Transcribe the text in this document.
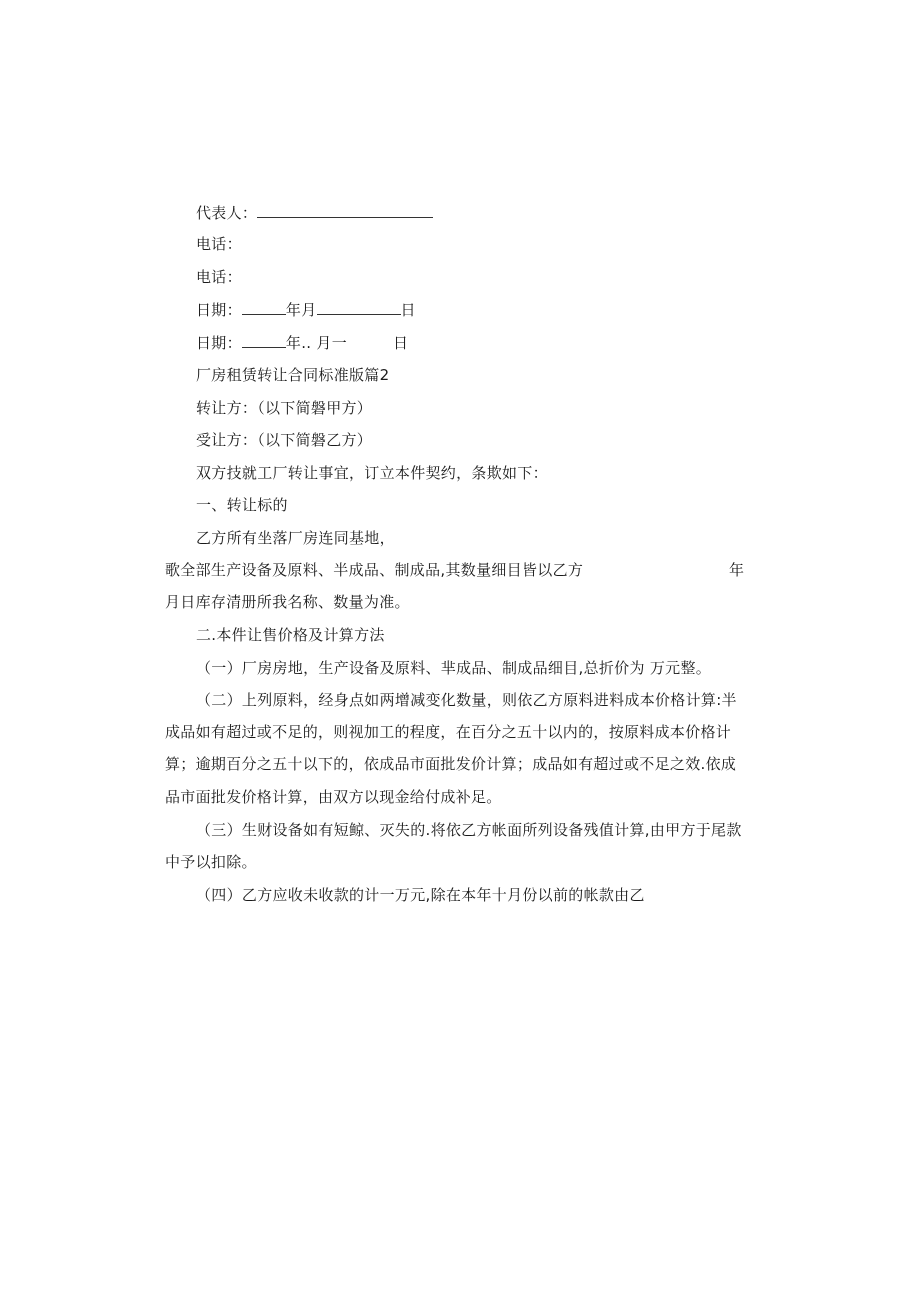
代表人：
电话：
电话：
日期：	年月	日
日期：	年.. 月一	日
厂房租赁转让合同标准版篇2
转让方：（以下简磐甲方）
受让方：（以下简磐乙方）
双方技就工厂转让事宜，订立本件契约，条欺如下：
一、转让标的
乙方所有坐落厂房连同基地，
歌全部生产设备及原料、半成品、制成品,其数量细目皆以乙方	年
月日库存清册所我名称、数量为准。
二.本件让售价格及计算方法
（一）厂房房地，生产设备及原料、芈成品、制成品细目,总折价为 万元整。
（二）上列原料，经身点如两增减变化数量，则依乙方原料进料成本价格计算:半
成品如有超过或不足的，则视加工的程度，在百分之五十以内的，按原料成本价格计
算；逾期百分之五十以下的，依成品市面批发价计算；成品如有超过或不足之效.依成
品市面批发价格计算，由双方以现金给付成补足。
（三）生财设备如有短鲸、灭失的.将依乙方帐面所列设备残值计算,由甲方于尾款
中予以扣除。
（四）乙方应收未收款的计一万元,除在本年十月份以前的帐款由乙
